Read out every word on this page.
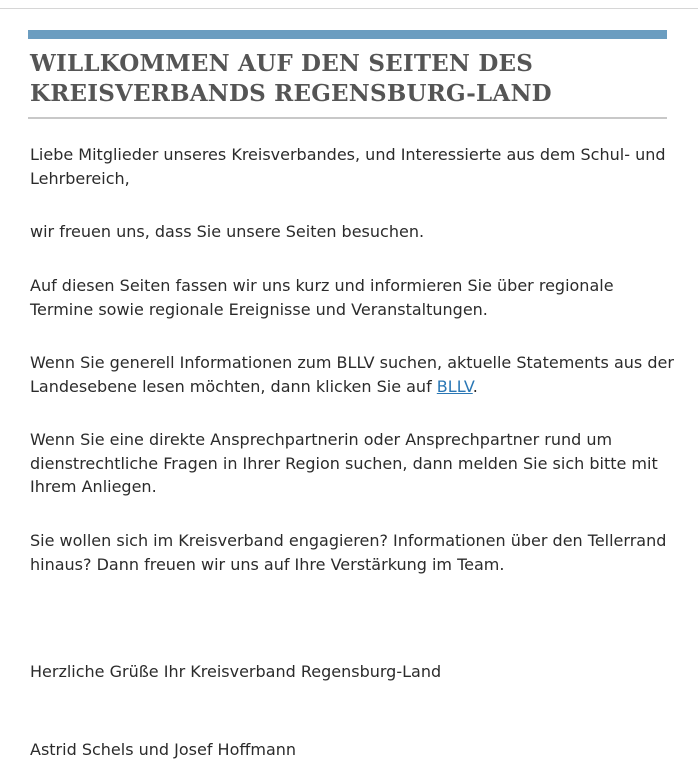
WILLKOMMEN AUF DEN SEITEN DES
KREISVERBANDS REGENSBURG-LAND

Liebe Mitglieder unseres Kreisverbandes, und Interessierte aus dem Schul- und Lehrbereich,

wir freuen uns, dass Sie unsere Seiten besuchen.

Auf diesen Seiten fassen wir uns kurz und informieren Sie über regionale Termine sowie regionale Ereignisse und Veranstaltungen.

Wenn Sie generell Informationen zum BLLV suchen, aktuelle Statements aus der Landesebene lesen möchten, dann klicken Sie auf BLLV.

Wenn Sie eine direkte Ansprechpartnerin oder Ansprechpartner rund um dienstrechtliche Fragen in Ihrer Region suchen, dann melden Sie sich bitte mit Ihrem Anliegen.

Sie wollen sich im Kreisverband engagieren? Informationen über den Tellerrand hinaus? Dann freuen wir uns auf Ihre Verstärkung im Team.

Herzliche Grüße Ihr Kreisverband Regensburg-Land

Astrid Schels und Josef Hoffmann
